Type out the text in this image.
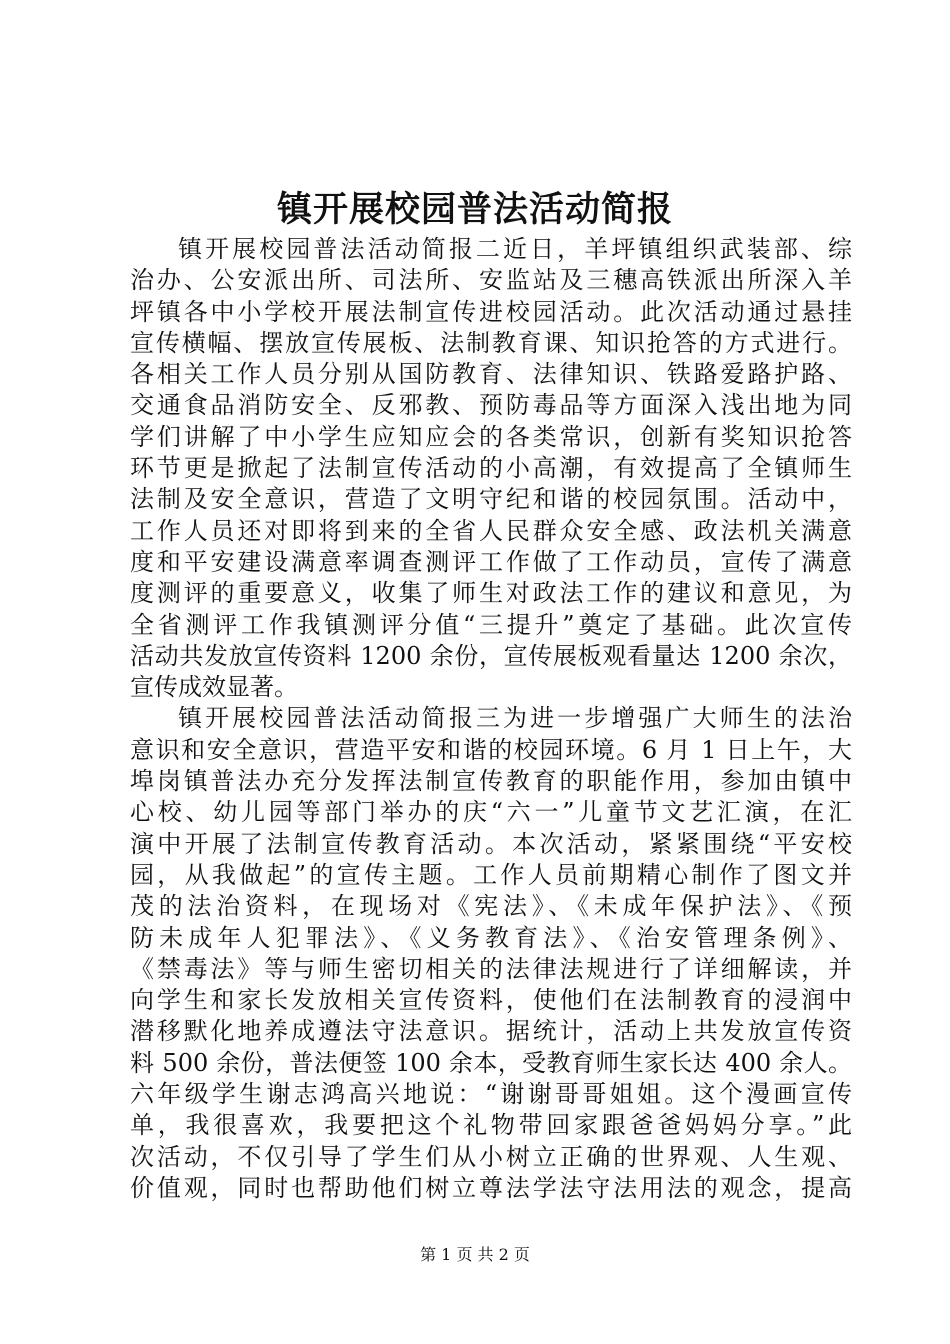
镇开展校园普法活动简报
镇开展校园普法活动简报二近日，羊坪镇组织武装部、综
治办、公安派出所、司法所、安监站及三穗高铁派出所深入羊
坪镇各中小学校开展法制宣传进校园活动。此次活动通过悬挂
宣传横幅、摆放宣传展板、法制教育课、知识抢答的方式进行。
各相关工作人员分别从国防教育、法律知识、铁路爱路护路、
交通食品消防安全、反邪教、预防毒品等方面深入浅出地为同
学们讲解了中小学生应知应会的各类常识，创新有奖知识抢答
环节更是掀起了法制宣传活动的小高潮，有效提高了全镇师生
法制及安全意识，营造了文明守纪和谐的校园氛围。活动中，
工作人员还对即将到来的全省人民群众安全感、政法机关满意
度和平安建设满意率调查测评工作做了工作动员，宣传了满意
度测评的重要意义，收集了师生对政法工作的建议和意见，为
全省测评工作我镇测评分值“三提升”奠定了基础。此次宣传
活动共发放宣传资料 1200 余份，宣传展板观看量达 1200 余次，
宣传成效显著。
镇开展校园普法活动简报三为进一步增强广大师生的法治
意识和安全意识，营造平安和谐的校园环境。6 月 1 日上午，大
埠岗镇普法办充分发挥法制宣传教育的职能作用，参加由镇中
心校、幼儿园等部门举办的庆“六一”儿童节文艺汇演，在汇
演中开展了法制宣传教育活动。本次活动，紧紧围绕“平安校
园，从我做起”的宣传主题。工作人员前期精心制作了图文并
茂的法治资料，在现场对《宪法》、《未成年保护法》、《预
防未成年人犯罪法》、《义务教育法》、《治安管理条例》、
《禁毒法》等与师生密切相关的法律法规进行了详细解读，并
向学生和家长发放相关宣传资料，使他们在法制教育的浸润中
潜移默化地养成遵法守法意识。据统计，活动上共发放宣传资
料 500 余份，普法便签 100 余本，受教育师生家长达 400 余人。
六年级学生谢志鸿高兴地说：“谢谢哥哥姐姐。这个漫画宣传
单，我很喜欢，我要把这个礼物带回家跟爸爸妈妈分享。”此
次活动，不仅引导了学生们从小树立正确的世界观、人生观、
价值观，同时也帮助他们树立尊法学法守法用法的观念，提高
第 1 页 共 2 页
